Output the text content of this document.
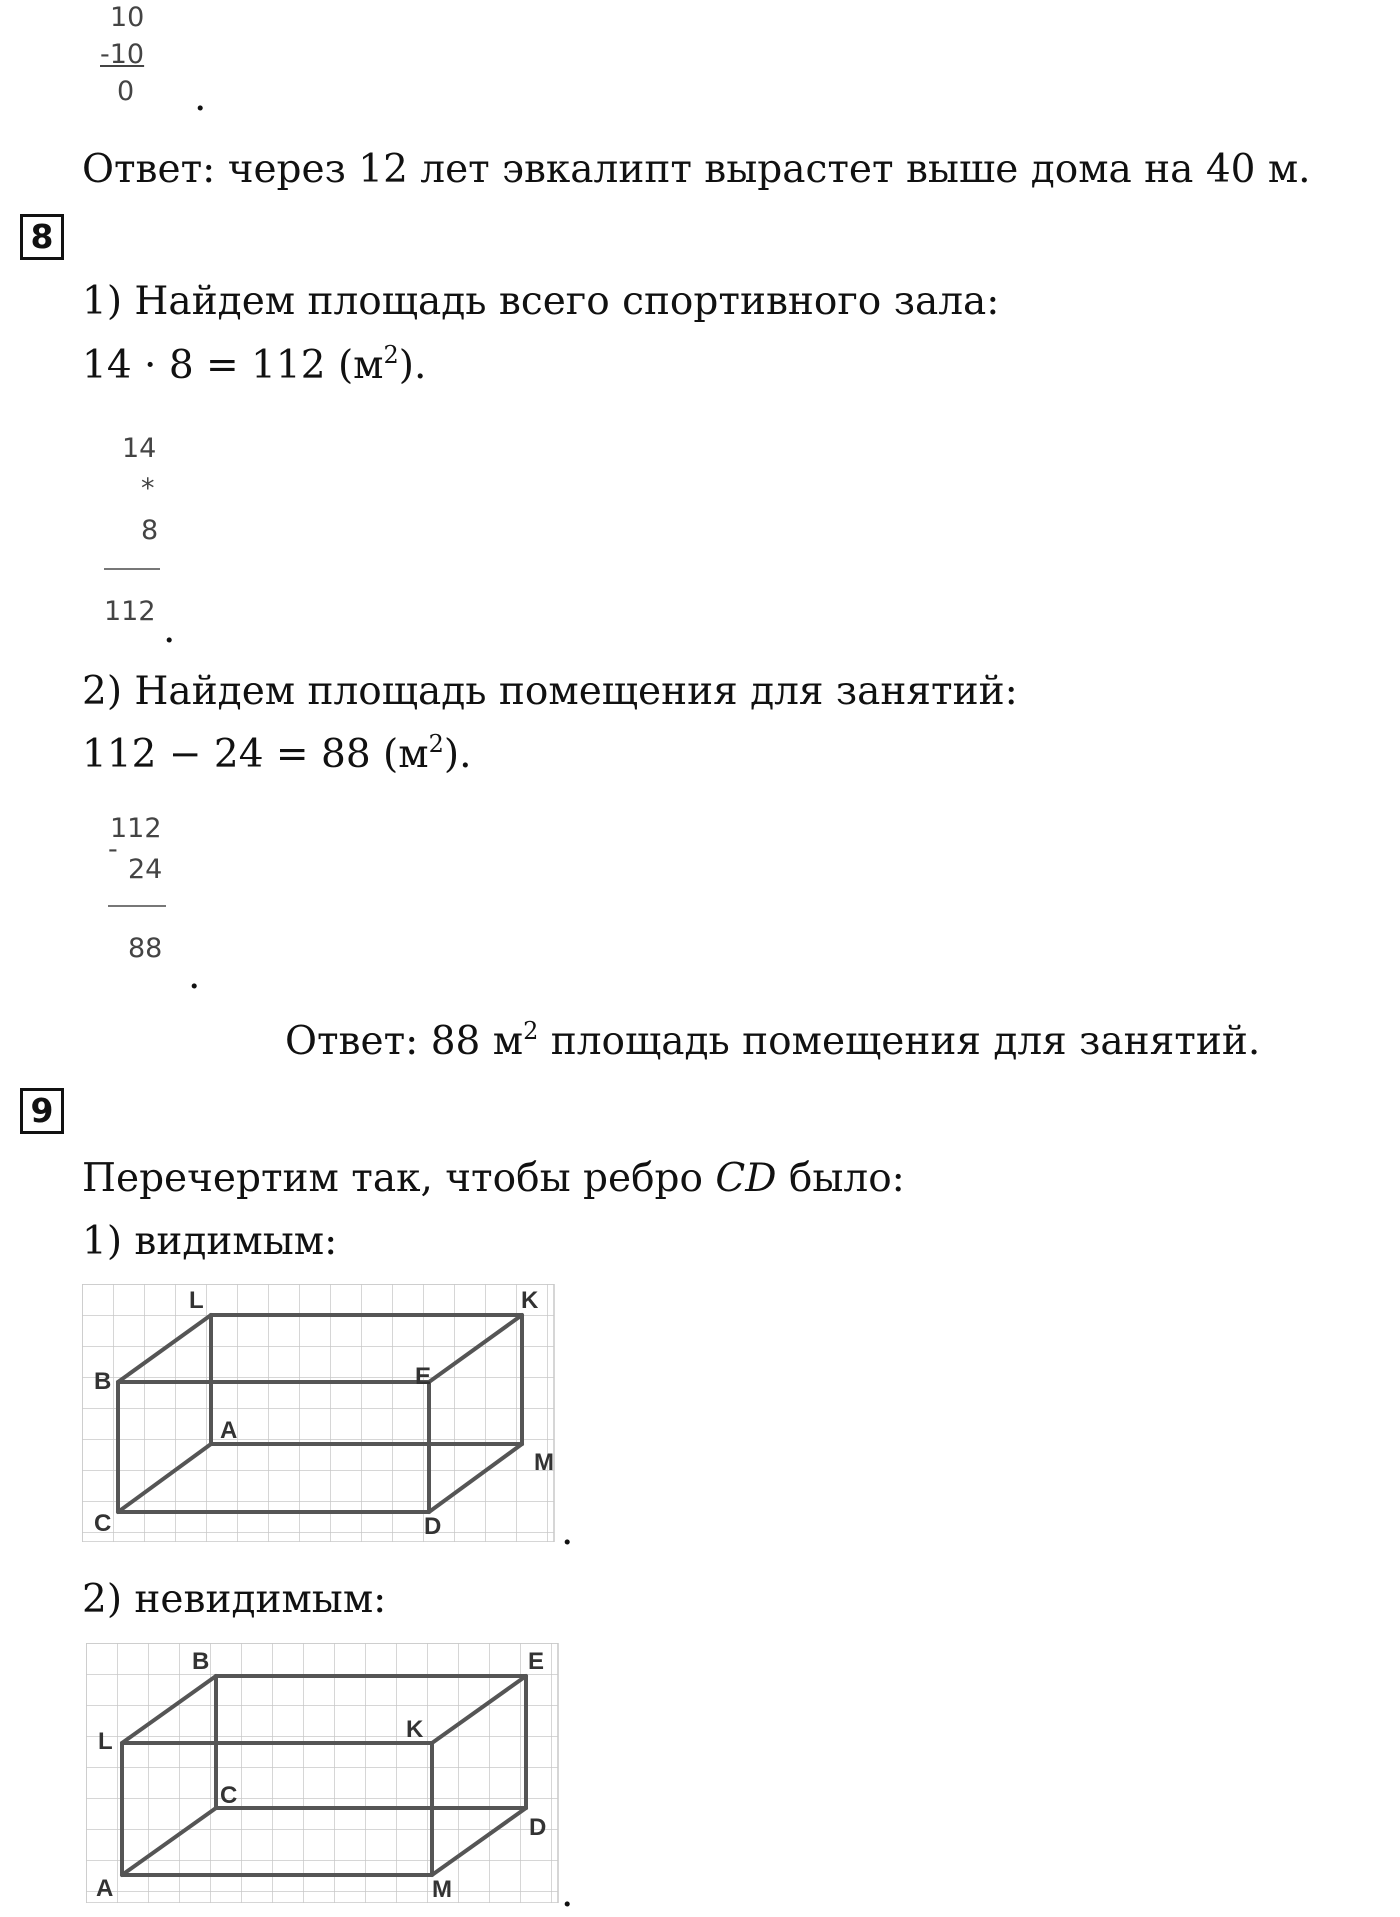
10
-10
0 .
Ответ: через 12 лет эвкалипт вырастет выше дома на 40 м.
8
1) Найдем площадь всего спортивного зала:
14 · 8 = 112 $(м^2)$.
14
*
8
112 .
2) Найдем площадь помещения для занятий:
112 − 24 = 88 $(м^2)$.
112
-
24
88
.
Ответ: 88 $м^2$ площадь помещения для занятий.
9
Перечертим так, чтобы ребро CD было:
1) видимым:
L	K
B	E
A
M
C	D	.
2) невидимым:
B	E
L	K
C
D
A	M	.
